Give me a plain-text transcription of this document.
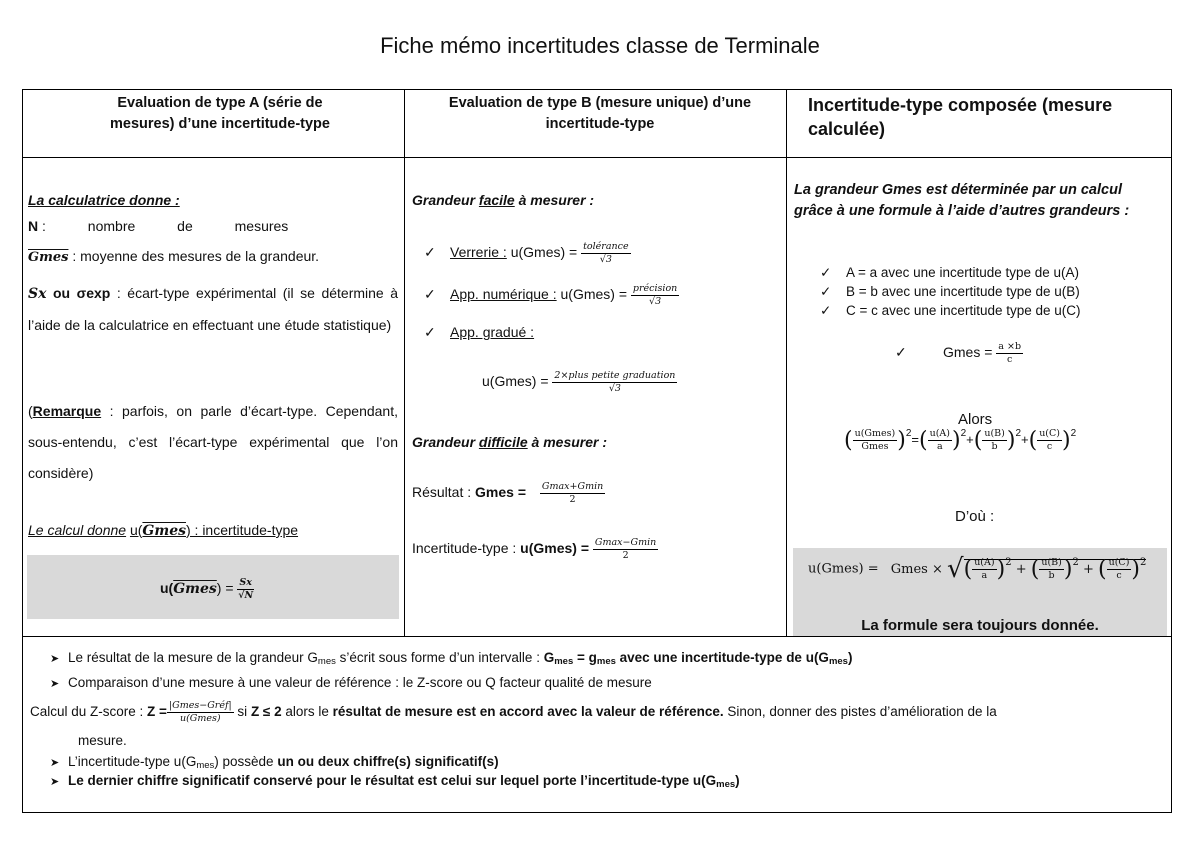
Fiche mémo incertitudes classe de Terminale
Evaluation de type A (série de mesures) d’une incertitude-type
Evaluation de type B (mesure unique) d’une incertitude-type
Incertitude-type composée (mesure calculée)
La calculatrice donne :
N : nombre de mesures
Gmes : moyenne des mesures de la grandeur.
Sx ou σexp : écart-type expérimental (il se détermine à l’aide de la calculatrice en effectuant une étude statistique)
(Remarque : parfois, on parle d’écart-type. Cependant, sous-entendu, c’est l’écart-type expérimental que l’on considère)
Le calcul donne u(Gmes) : incertitude-type
u(Gmes) = $\frac{Sx}{√N}$
Grandeur facile à mesurer :
✓ Verrerie : u(Gmes) = $\frac{\text{tolérance}}{√3}$
✓ App. numérique : u(Gmes) = $\frac{\text{précision}}{√3}$
✓ App. gradué :
u(Gmes) = $\frac{\text{2×plus petite graduation}}{√3}$
Grandeur difficile à mesurer :
Résultat : Gmes = $\frac{Gmax+Gmin}{2}$
Incertitude-type : u(Gmes) = $\frac{Gmax-Gmin}{2}$
La grandeur Gmes est déterminée par un calcul grâce à une formule à l’aide d’autres grandeurs :
✓ A = a avec une incertitude type de u(A)
✓ B = b avec une incertitude type de u(B)
✓ C = c avec une incertitude type de u(C)
✓	Gmes = $\frac{a \times b}{c}$
Alors
( $\frac{\text{u(Gmes)}}{\text{Gmes}} )^2=( \frac{u(A)}{a} )^2+( \frac{u(B)}{b} )^2+( \frac{u(C)}{c} )^2$
D’où :
u(Gmes) = Gmes × √( $\frac{u(A)}{a} )^2$ + ( $\frac{u(B)}{b} )^2$ + ( $\frac{u(C)}{c} )^2$
La formule sera toujours donnée.
➤ Le résultat de la mesure de la grandeur $G_{mes}$ s’écrit sous forme d’un intervalle : $G_{mes} = g_{mes}$ avec une incertitude-type de $u(G_{mes})$
➤ Comparaison d’une mesure à une valeur de référence : le Z-score ou Q facteur qualité de mesure
Calcul du Z-score : $Z = \frac{\text{|Gmes−Gréf|}}{\text{u(Gmes)}}$ si Z ≤ 2 alors le résultat de mesure est en accord avec la valeur de référence. Sinon, donner des pistes d’amélioration de la
mesure.
➤ L’incertitude-type $u(G_{mes})$ possède un ou deux chiffre(s) significatif(s)
➤ Le dernier chiffre significatif conservé pour le résultat est celui sur lequel porte l’incertitude-type $u(G_{mes})$
